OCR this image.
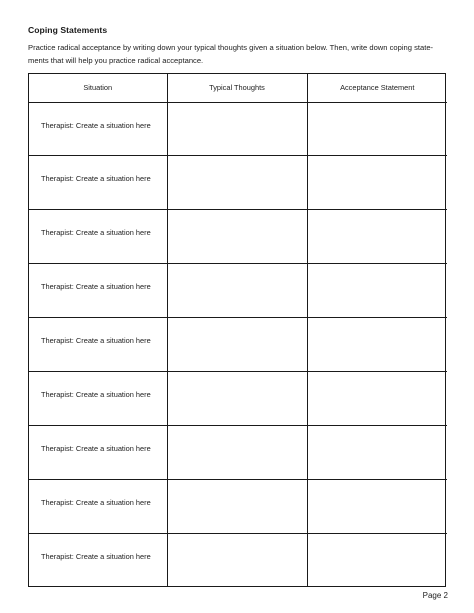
Coping Statements
Practice radical acceptance by writing down your typical thoughts given a situation below. Then, write down coping state-
ments that will help you practice radical acceptance.
Situation	Typical Thoughts	Acceptance Statement
Therapist: Create a situation here		
Therapist: Create a situation here		
Therapist: Create a situation here		
Therapist: Create a situation here		
Therapist: Create a situation here		
Therapist: Create a situation here		
Therapist: Create a situation here		
Therapist: Create a situation here		
Therapist: Create a situation here		
Page 2
